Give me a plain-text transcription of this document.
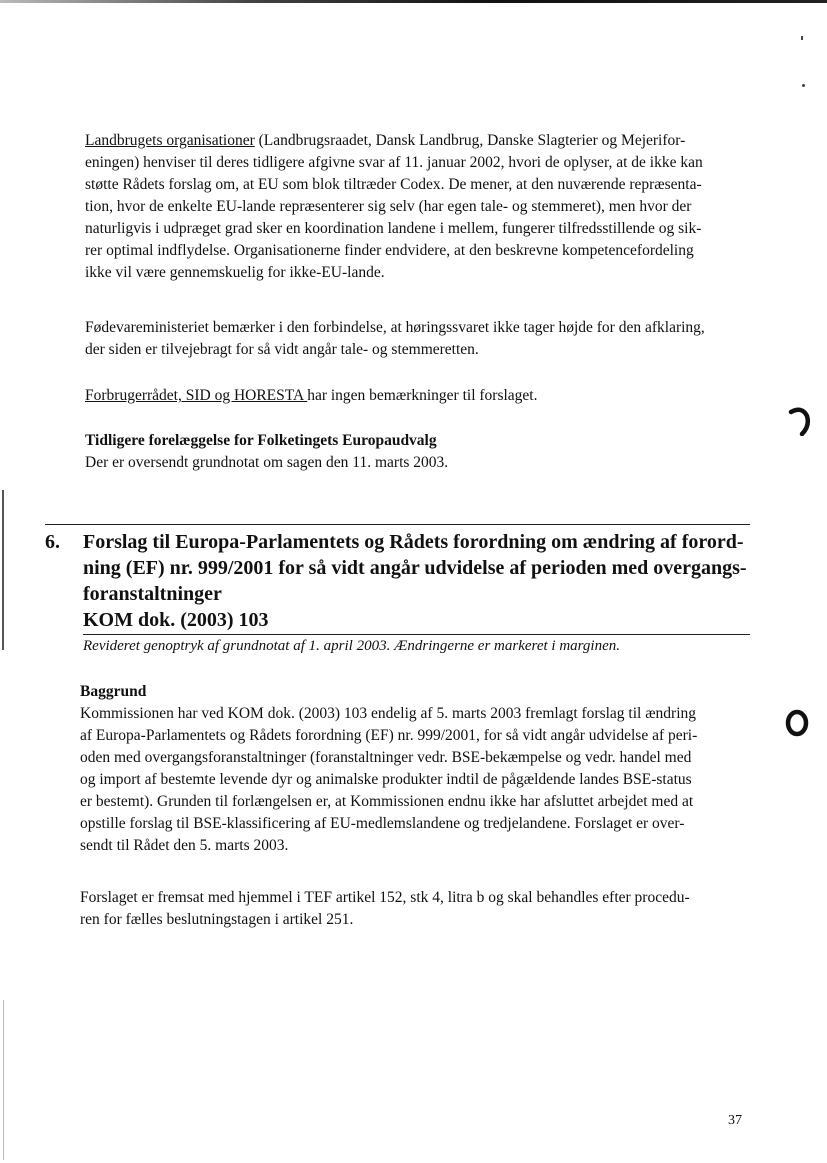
Landbrugets organisationer (Landbrugsraadet, Dansk Landbrug, Danske Slagterier og Mejerifor-
eningen) henviser til deres tidligere afgivne svar af 11. januar 2002, hvori de oplyser, at de ikke kan
støtte Rådets forslag om, at EU som blok tiltræder Codex. De mener, at den nuværende repræsenta-
tion, hvor de enkelte EU-lande repræsenterer sig selv (har egen tale- og stemmeret), men hvor der
naturligvis i udpræget grad sker en koordination landene i mellem, fungerer tilfredsstillende og sik-
rer optimal indflydelse. Organisationerne finder endvidere, at den beskrevne kompetencefordeling
ikke vil være gennemskuelig for ikke-EU-lande.
Fødevareministeriet bemærker i den forbindelse, at høringssvaret ikke tager højde for den afklaring,
der siden er tilvejebragt for så vidt angår tale- og stemmeretten.
Forbrugerrådet, SID og HORESTA har ingen bemærkninger til forslaget.
Tidligere forelæggelse for Folketingets Europaudvalg
Der er oversendt grundnotat om sagen den 11. marts 2003.
6. Forslag til Europa-Parlamentets og Rådets forordning om ændring af forord-
ning (EF) nr. 999/2001 for så vidt angår udvidelse af perioden med overgangs-
foranstaltninger
KOM dok. (2003) 103
Revideret genoptryk af grundnotat af 1. april 2003. Ændringerne er markeret i marginen.
Baggrund
Kommissionen har ved KOM dok. (2003) 103 endelig af 5. marts 2003 fremlagt forslag til ændring
af Europa-Parlamentets og Rådets forordning (EF) nr. 999/2001, for så vidt angår udvidelse af peri-
oden med overgangsforanstaltninger (foranstaltninger vedr. BSE-bekæmpelse og vedr. handel med
og import af bestemte levende dyr og animalske produkter indtil de pågældende landes BSE-status
er bestemt). Grunden til forlængelsen er, at Kommissionen endnu ikke har afsluttet arbejdet med at
opstille forslag til BSE-klassificering af EU-medlemslandene og tredjelandene. Forslaget er over-
sendt til Rådet den 5. marts 2003.
Forslaget er fremsat med hjemmel i TEF artikel 152, stk 4, litra b og skal behandles efter procedu-
ren for fælles beslutningstagen i artikel 251.
37
